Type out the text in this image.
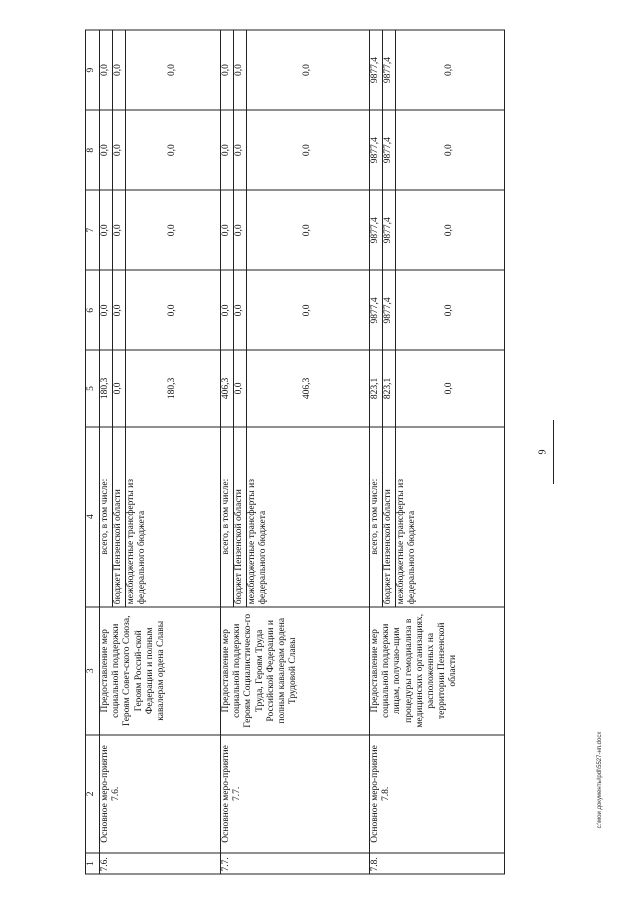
9
c:\мои документы\pdl\5527-нп.docx
1	2	3	4	5	6	7	8	9
7.6.	Основное меро-приятие 7.6.	Предоставление мер социальной поддержки Героям Совет-ского Союза, Героям Россий-ской Федерации и полным кавалерам ордена Славы	всего, в том числе:	180,3	0,0	0,0	0,0	0,0
			бюджет Пензенской области	0,0	0,0	0,0	0,0	0,0
			межбюджетные трансферты из федерального бюджета	180,3	0,0	0,0	0,0	0,0
7.7.	Основное меро-приятие 7.7.	Предоставление мер социальной поддержки Героям Социалистическо-го Труда, Героям Труда Российской Федерации и полным кавалерам ордена Трудовой Славы	всего, в том числе:	406,3	0,0	0,0	0,0	0,0
			бюджет Пензенской области	0,0	0,0	0,0	0,0	0,0
			межбюджетные трансферты из федерального бюджета	406,3	0,0	0,0	0,0	0,0
7.8.	Основное меро-приятие 7.8.	Предоставление мер социальной поддержки лицам, получаю-щим процедуры гемодиализа в медицинских организациях, расположенных на территории Пензенской области	всего, в том числе:	823,1	9877,4	9877,4	9877,4	9877,4
			бюджет Пензенской области	823,1	9877,4	9877,4	9877,4	9877,4
			межбюджетные трансферты из федерального бюджета	0,0	0,0	0,0	0,0	0,0
